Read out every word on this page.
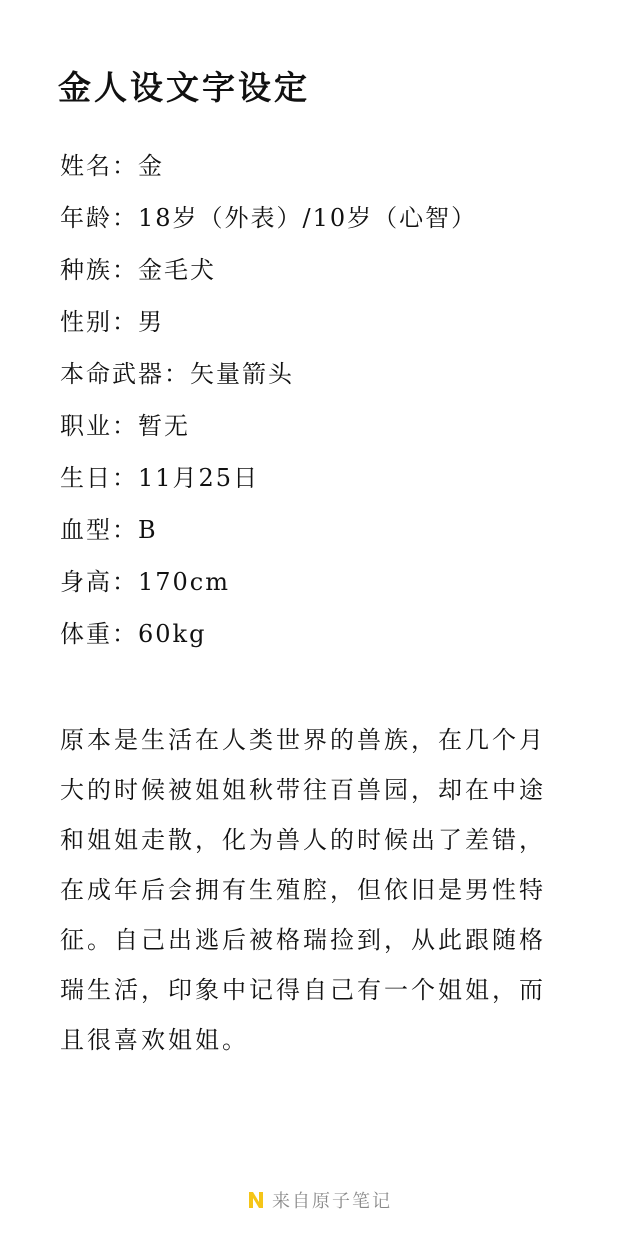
金人设文字设定
姓名：金
年龄：18岁（外表）/10岁（心智）
种族：金毛犬
性别：男
本命武器：矢量箭头
职业：暂无
生日：11月25日
血型：B
身高：170cm
体重：60kg
原本是生活在人类世界的兽族，在几个月
大的时候被姐姐秋带往百兽园，却在中途
和姐姐走散，化为兽人的时候出了差错，
在成年后会拥有生殖腔，但依旧是男性特
征。自己出逃后被格瑞捡到，从此跟随格
瑞生活，印象中记得自己有一个姐姐，而
且很喜欢姐姐。
来自原子笔记
